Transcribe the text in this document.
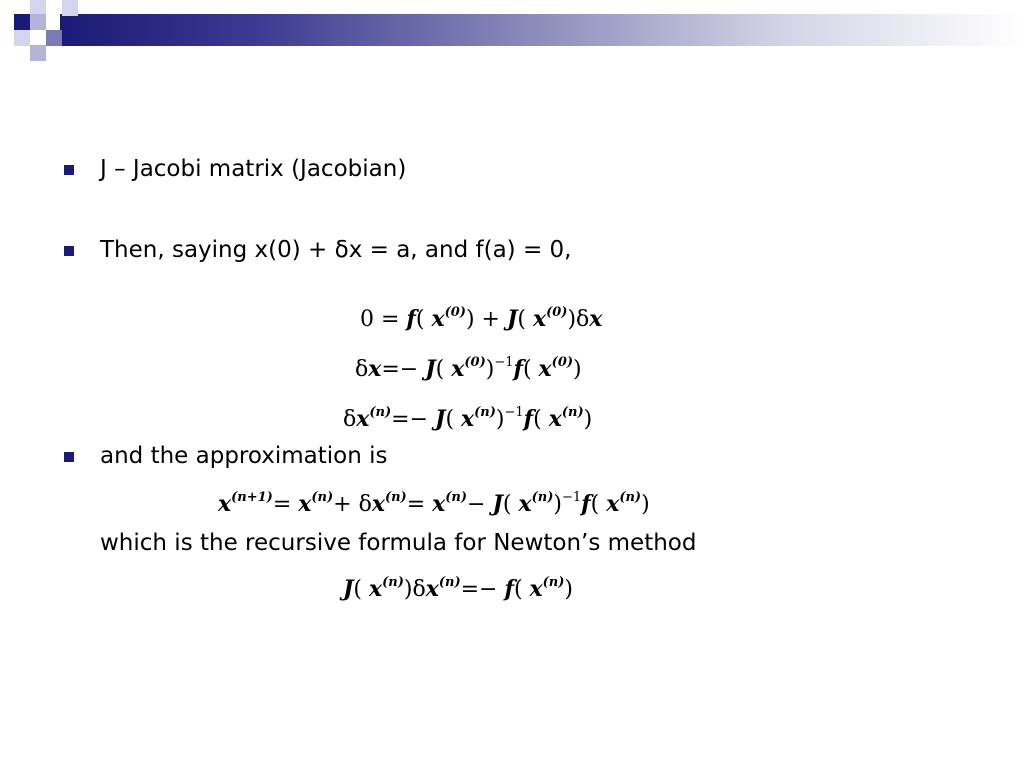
J – Jacobi matrix (Jacobian)
Then, saying x(0) + δx = a, and f(a) = 0,
0 = f( $x^{(0)}) + J$( $x^{(0)})\delta x$
δx=− J( $x^{(0)})^{-1}f$( $x^{(0)}$)
$\delta x^{(n)}=- J$( $x^{(n)})^{-1}f$( $x^{(n)}$)
and the approximation is
$x^{(n+1)}= x^{(n)}+ \delta x^{(n)}= x^{(n)}- J$( $x^{(n)})^{-1}f$( $x^{(n)}$)
which is the recursive formula for Newton’s method
J( $x^{(n)})\delta x^{(n)}=- f$( $x^{(n)}$)
